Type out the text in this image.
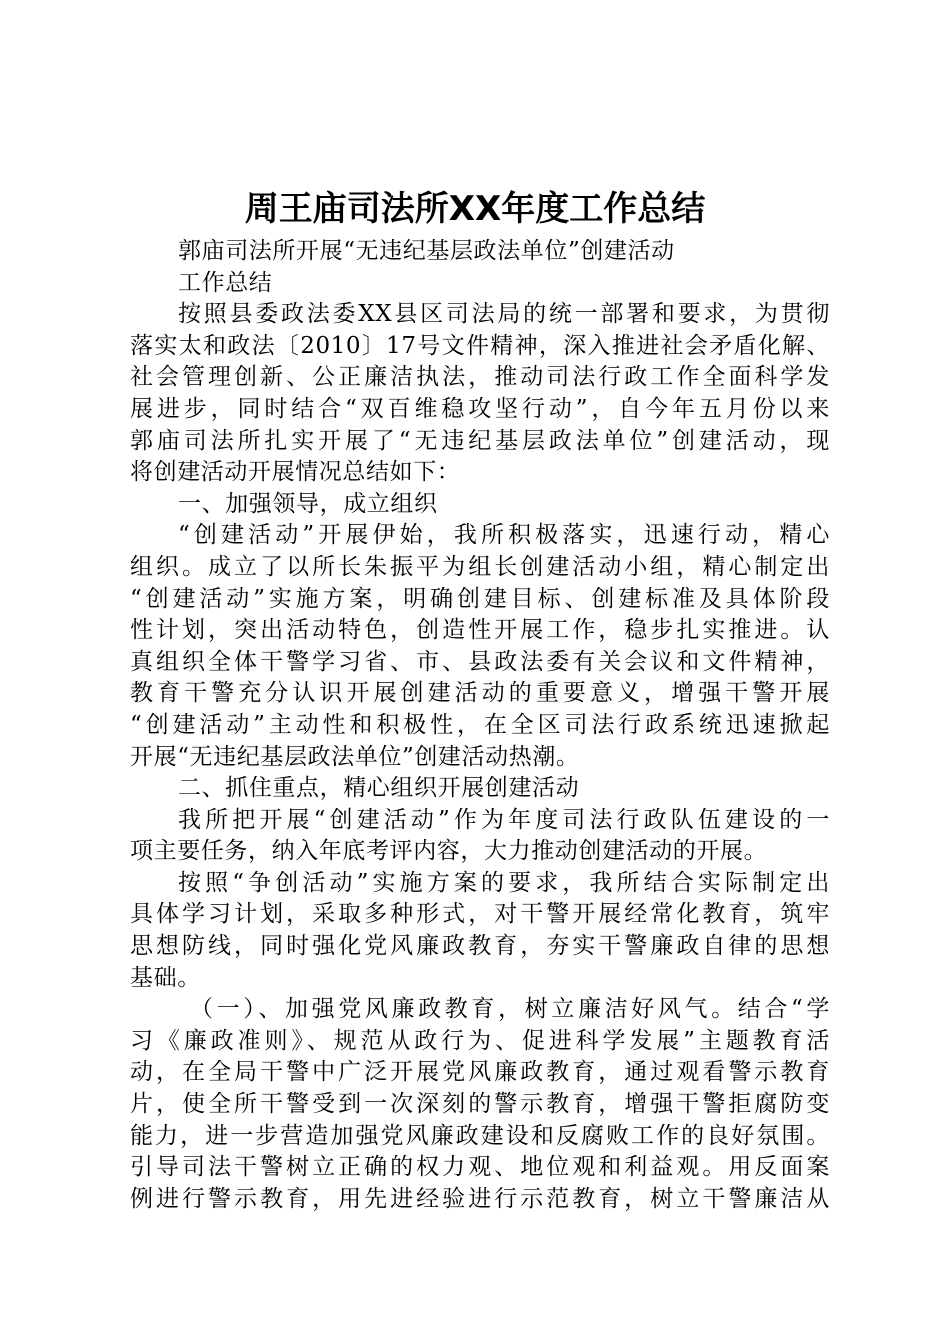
周王庙司法所XX年度工作总结
郭庙司法所开展“无违纪基层政法单位”创建活动
工作总结
按照县委政法委XX县区司法局的统一部署和要求，为贯彻
落实太和政法〔2010〕17号文件精神，深入推进社会矛盾化解、
社会管理创新、公正廉洁执法，推动司法行政工作全面科学发
展进步，同时结合“双百维稳攻坚行动”，自今年五月份以来
郭庙司法所扎实开展了“无违纪基层政法单位”创建活动，现
将创建活动开展情况总结如下：
一、加强领导，成立组织
“创建活动”开展伊始，我所积极落实，迅速行动，精心
组织。成立了以所长朱振平为组长创建活动小组，精心制定出
“创建活动”实施方案，明确创建目标、创建标准及具体阶段
性计划，突出活动特色，创造性开展工作，稳步扎实推进。认
真组织全体干警学习省、市、县政法委有关会议和文件精神，
教育干警充分认识开展创建活动的重要意义，增强干警开展
“创建活动”主动性和积极性，在全区司法行政系统迅速掀起
开展“无违纪基层政法单位”创建活动热潮。
二、抓住重点，精心组织开展创建活动
我所把开展“创建活动”作为年度司法行政队伍建设的一
项主要任务，纳入年底考评内容，大力推动创建活动的开展。
按照“争创活动”实施方案的要求，我所结合实际制定出
具体学习计划，采取多种形式，对干警开展经常化教育，筑牢
思想防线，同时强化党风廉政教育，夯实干警廉政自律的思想
基础。
（一）、加强党风廉政教育，树立廉洁好风气。结合“学
习《廉政准则》、规范从政行为、促进科学发展”主题教育活
动，在全局干警中广泛开展党风廉政教育，通过观看警示教育
片，使全所干警受到一次深刻的警示教育，增强干警拒腐防变
能力，进一步营造加强党风廉政建设和反腐败工作的良好氛围。
引导司法干警树立正确的权力观、地位观和利益观。用反面案
例进行警示教育，用先进经验进行示范教育，树立干警廉洁从
